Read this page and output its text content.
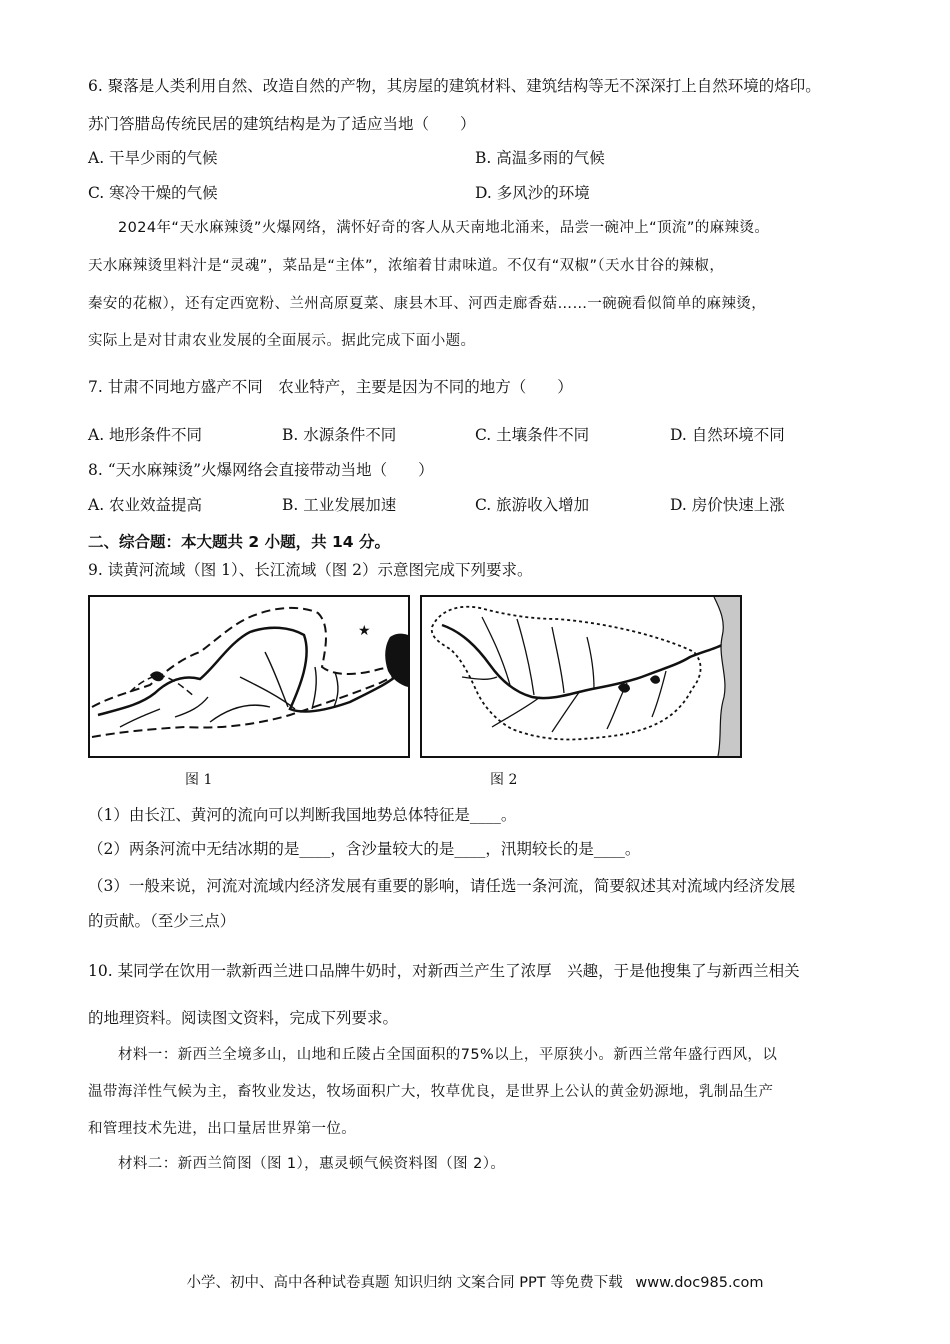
6. 聚落是人类利用自然、改造自然的产物，其房屋的建筑材料、建筑结构等无不深深打上自然环境的烙印。
苏门答腊岛传统民居的建筑结构是为了适应当地（　　）
A. 干旱少雨的气候	B. 高温多雨的气候
C. 寒冷干燥的气候	D. 多风沙的环境
2024年“天水麻辣烫”火爆网络，满怀好奇的客人从天南地北涌来，品尝一碗冲上“顶流”的麻辣烫。
天水麻辣烫里料汁是“灵魂”，菜品是“主体”，浓缩着甘肃味道。不仅有“双椒”（天水甘谷的辣椒，
秦安的花椒），还有定西宽粉、兰州高原夏菜、康县木耳、河西走廊香菇……一碗碗看似简单的麻辣烫，
实际上是对甘肃农业发展的全面展示。据此完成下面小题。
7. 甘肃不同地方盛产不同　农业特产，主要是因为不同的地方（　　）
A. 地形条件不同	B. 水源条件不同	C. 土壤条件不同	D. 自然环境不同
8. “天水麻辣烫”火爆网络会直接带动当地（　　）
A. 农业效益提高	B. 工业发展加速	C. 旅游收入增加	D. 房价快速上涨
二、综合题：本大题共 2 小题，共 14 分。
9. 读黄河流域（图 1）、长江流域（图 2）示意图完成下列要求。
★
图 1	图 2
（1）由长江、黄河的流向可以判断我国地势总体特征是____。
（2）两条河流中无结冰期的是____，含沙量较大的是____，汛期较长的是____。
（3）一般来说，河流对流域内经济发展有重要的影响，请任选一条河流，简要叙述其对流域内经济发展
的贡献。（至少三点）
10. 某同学在饮用一款新西兰进口品牌牛奶时，对新西兰产生了浓厚　兴趣，于是他搜集了与新西兰相关
的地理资料。阅读图文资料，完成下列要求。
材料一：新西兰全境多山，山地和丘陵占全国面积的75%以上，平原狭小。新西兰常年盛行西风，以
温带海洋性气候为主，畜牧业发达，牧场面积广大，牧草优良，是世界上公认的黄金奶源地，乳制品生产
和管理技术先进，出口量居世界第一位。
材料二：新西兰简图（图 1），惠灵顿气候资料图（图 2）。
小学、初中、高中各种试卷真题 知识归纳 文案合同 PPT 等免费下载 www.doc985.com
